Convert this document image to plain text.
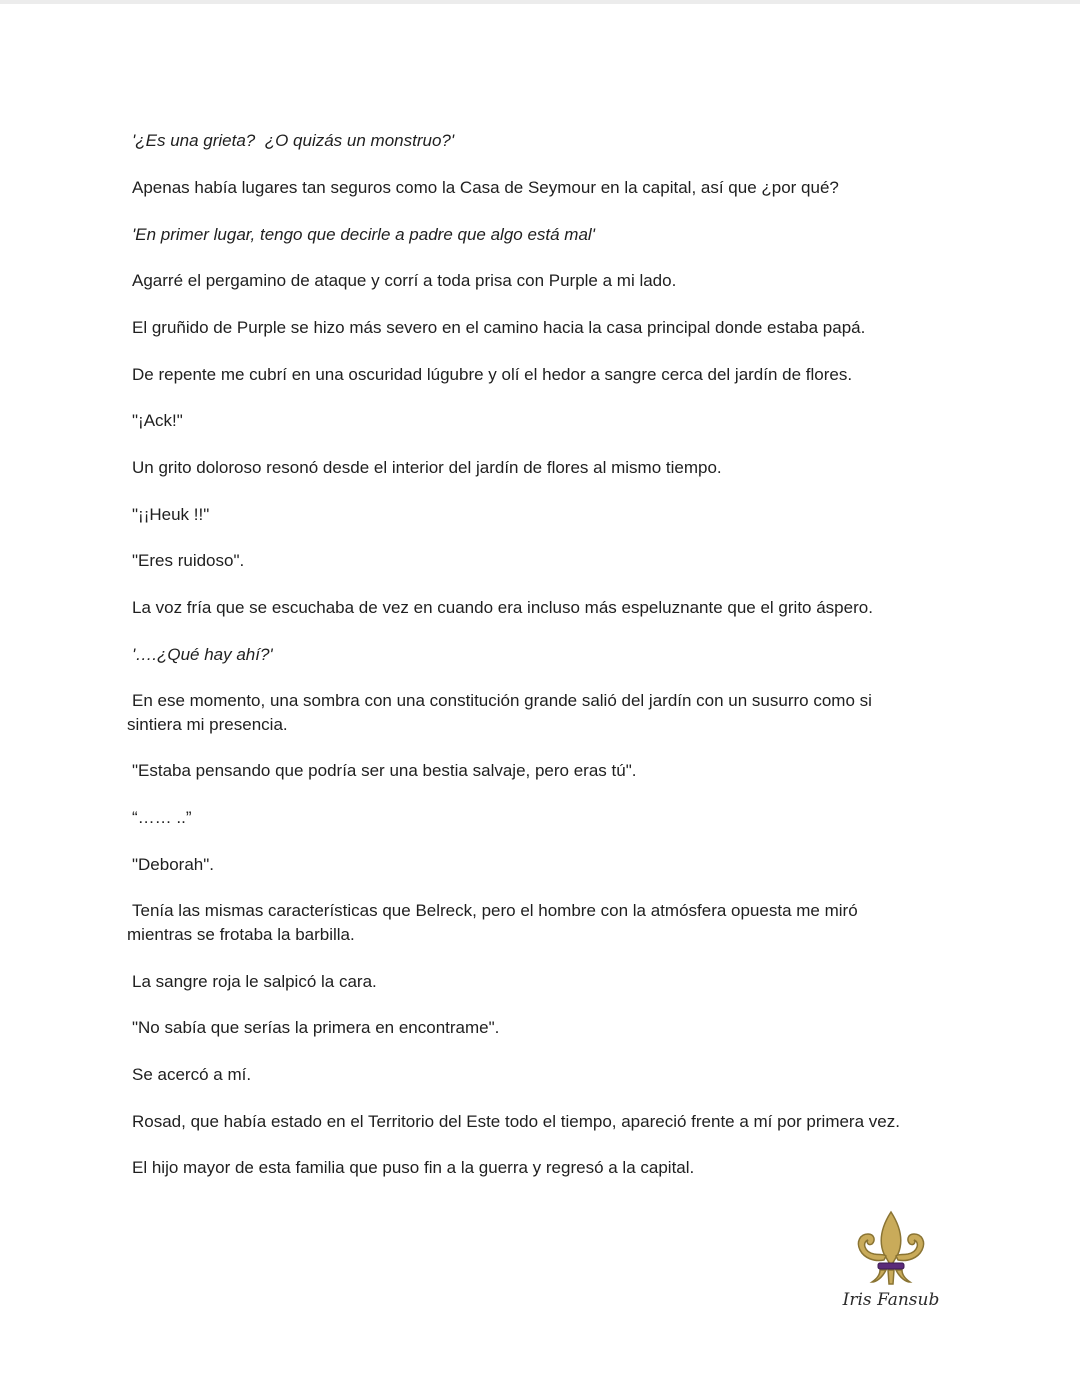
'¿Es una grieta?  ¿O quizás un monstruo?'

Apenas había lugares tan seguros como la Casa de Seymour en la capital, así que ¿por qué?

'En primer lugar, tengo que decirle a padre que algo está mal'

Agarré el pergamino de ataque y corrí a toda prisa con Purple a mi lado.

El gruñido de Purple se hizo más severo en el camino hacia la casa principal donde estaba papá.

De repente me cubrí en una oscuridad lúgubre y olí el hedor a sangre cerca del jardín de flores.

"¡Ack!"

Un grito doloroso resonó desde el interior del jardín de flores al mismo tiempo.

"¡¡Heuk !!"

"Eres ruidoso".

La voz fría que se escuchaba de vez en cuando era incluso más espeluznante que el grito áspero.

'….¿Qué hay ahí?'

En ese momento, una sombra con una constitución grande salió del jardín con un susurro como si sintiera mi presencia.

"Estaba pensando que podría ser una bestia salvaje, pero eras tú".

“…… ..”

"Deborah".

Tenía las mismas características que Belreck, pero el hombre con la atmósfera opuesta me miró mientras se frotaba la barbilla.

La sangre roja le salpicó la cara.

"No sabía que serías la primera en encontrame".

Se acercó a mí.

Rosad, que había estado en el Territorio del Este todo el tiempo, apareció frente a mí por primera vez.

El hijo mayor de esta familia que puso fin a la guerra y regresó a la capital.

Iris Fansub
